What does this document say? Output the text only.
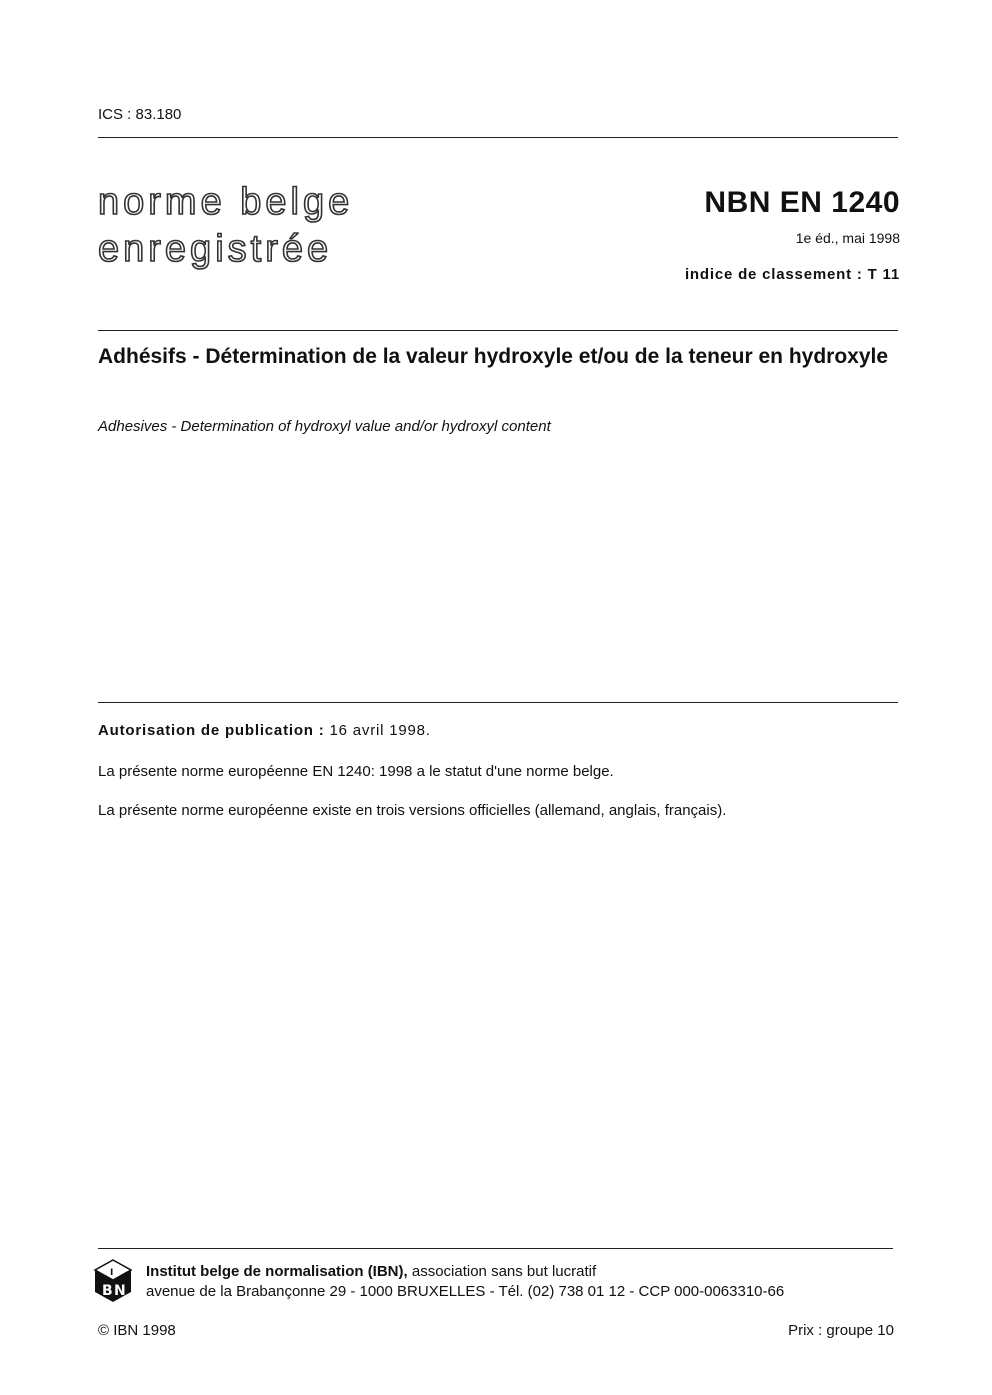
ICS : 83.180
norme belge
enregistrée
NBN EN 1240
1e éd., mai 1998
indice de classement : T 11
Adhésifs - Détermination de la valeur hydroxyle et/ou de la teneur en hydroxyle
Adhesives - Determination of hydroxyl value and/or hydroxyl content
Autorisation de publication : 16 avril 1998.
La présente norme européenne EN 1240: 1998 a le statut d'une norme belge.
La présente norme européenne existe en trois versions officielles (allemand, anglais, français).
B N
I Institut belge de normalisation (IBN), association sans but lucratif
avenue de la Brabançonne 29 - 1000 BRUXELLES - Tél. (02) 738 01 12 - CCP 000-0063310-66
© IBN 1998	Prix : groupe 10
